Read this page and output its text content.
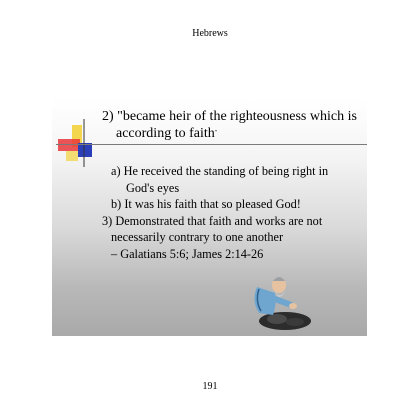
Hebrews
2) "became heir of the righteousness which is
according to faith"
a) He received the standing of being right in
God's eyes
b) It was his faith that so pleased God!
3) Demonstrated that faith and works are not
necessarily contrary to one another
– Galatians 5:6; James 2:14-26
191
